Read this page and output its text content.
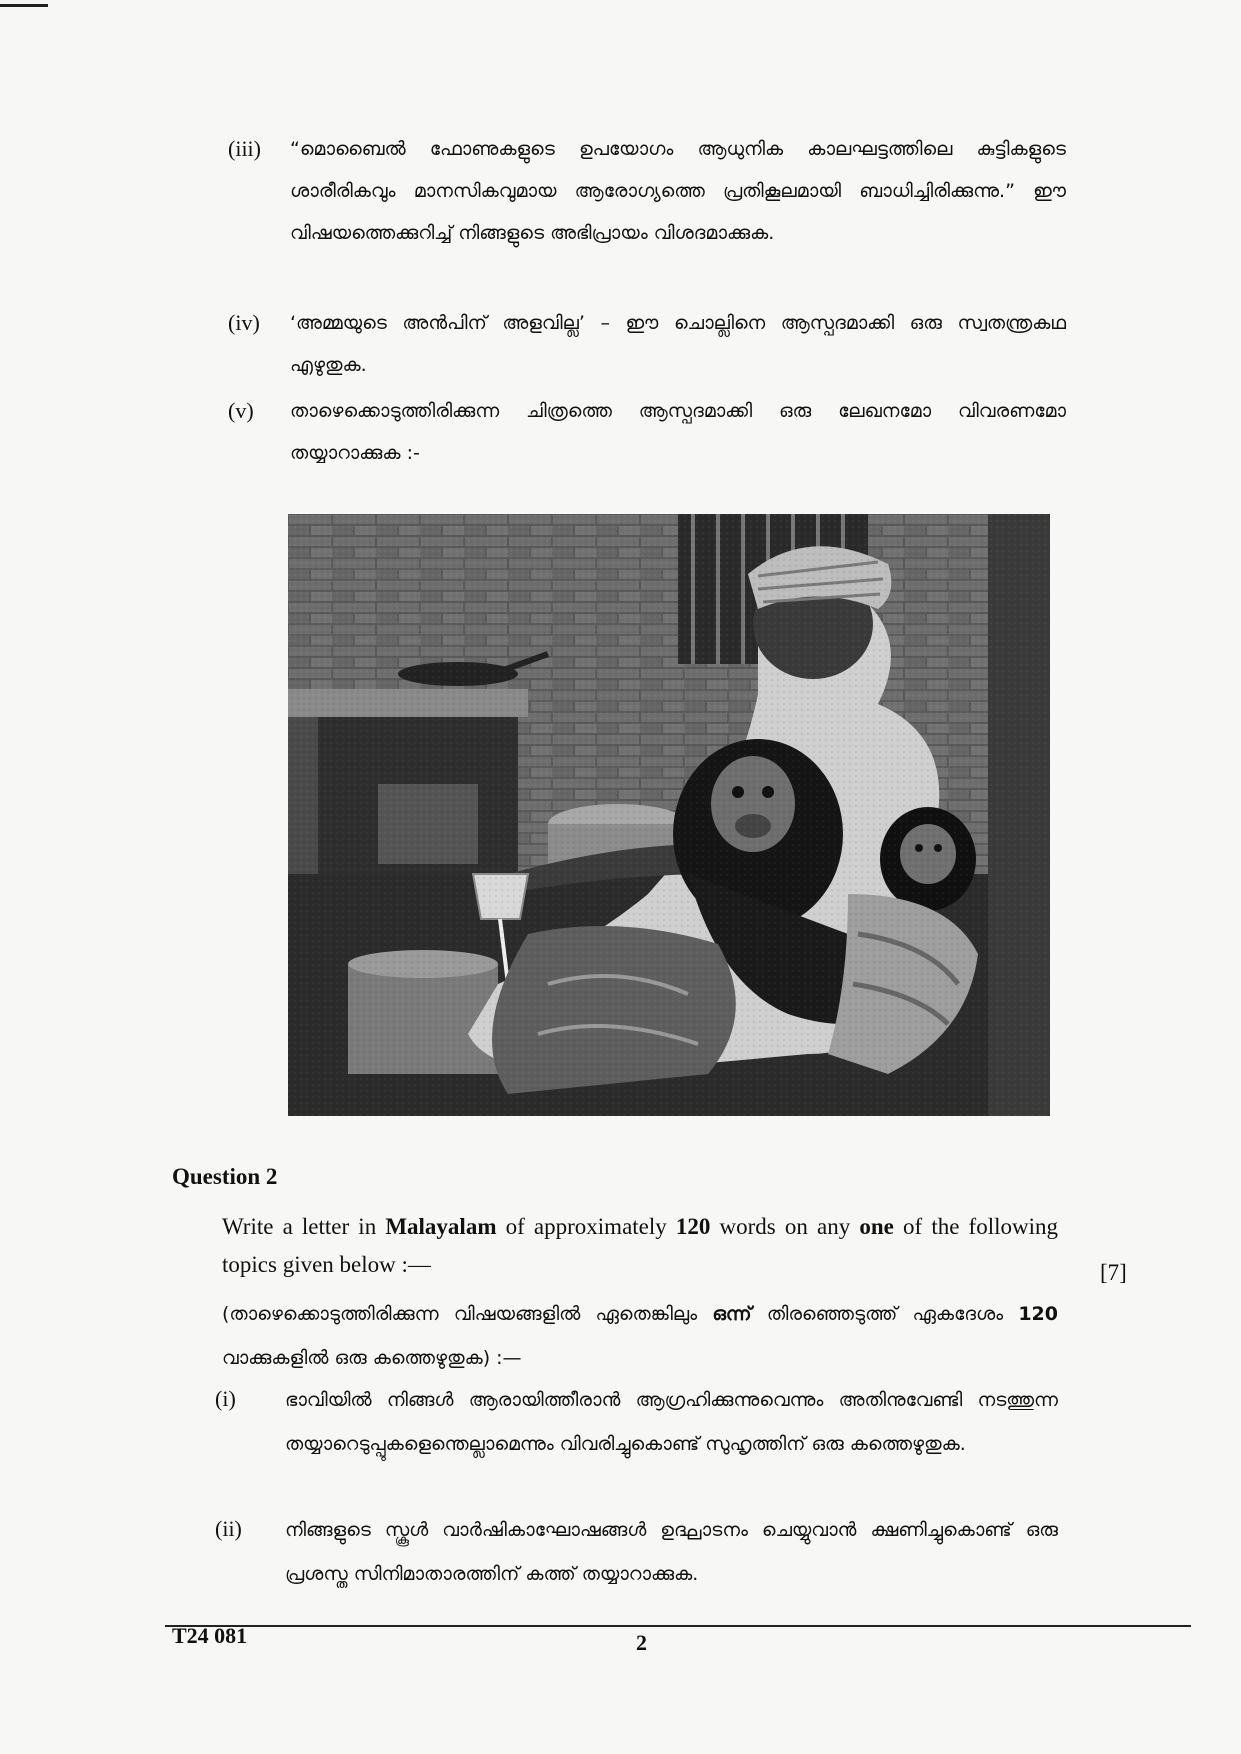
(iii)	“മൊബൈൽ ഫോണുകളുടെ ഉപയോഗം ആധുനിക കാലഘട്ടത്തിലെ കുട്ടികളുടെ ശാരീരികവും മാനസികവുമായ ആരോഗ്യത്തെ പ്രതികൂലമായി ബാധിച്ചിരിക്കുന്നു.” ഈ വിഷയത്തെക്കുറിച്ച് നിങ്ങളുടെ അഭിപ്രായം വിശദമാക്കുക.
(iv)	‘അമ്മയുടെ അൻപിന് അളവില്ല’ – ഈ ചൊല്ലിനെ ആസ്പദമാക്കി ഒരു സ്വതന്ത്രകഥ എഴുതുക.
(v)	താഴെക്കൊടുത്തിരിക്കുന്ന ചിത്രത്തെ ആസ്പദമാക്കി ഒരു ലേഖനമോ വിവരണമോ തയ്യാറാക്കുക :-
Question 2
Write a letter in Malayalam of approximately 120 words on any one of the following topics given below :—	[7]
(താഴെക്കൊടുത്തിരിക്കുന്ന വിഷയങ്ങളിൽ ഏതെങ്കിലും ഒന്ന് തിരഞ്ഞെടുത്ത് ഏകദേശം 120 വാക്കുകളിൽ ഒരു കത്തെഴുതുക) :—
(i)	ഭാവിയിൽ നിങ്ങൾ ആരായിത്തീരാൻ ആഗ്രഹിക്കുന്നുവെന്നും അതിനുവേണ്ടി നടത്തുന്ന തയ്യാറെടുപ്പുകളെന്തെല്ലാമെന്നും വിവരിച്ചുകൊണ്ട് സുഹൃത്തിന് ഒരു കത്തെഴുതുക.
(ii)	നിങ്ങളുടെ സ്കൂൾ വാർഷികാഘോഷങ്ങൾ ഉദ്ഘാടനം ചെയ്യുവാൻ ക്ഷണിച്ചുകൊണ്ട് ഒരു പ്രശസ്ത സിനിമാതാരത്തിന് കത്ത് തയ്യാറാക്കുക.
T24 081	2
